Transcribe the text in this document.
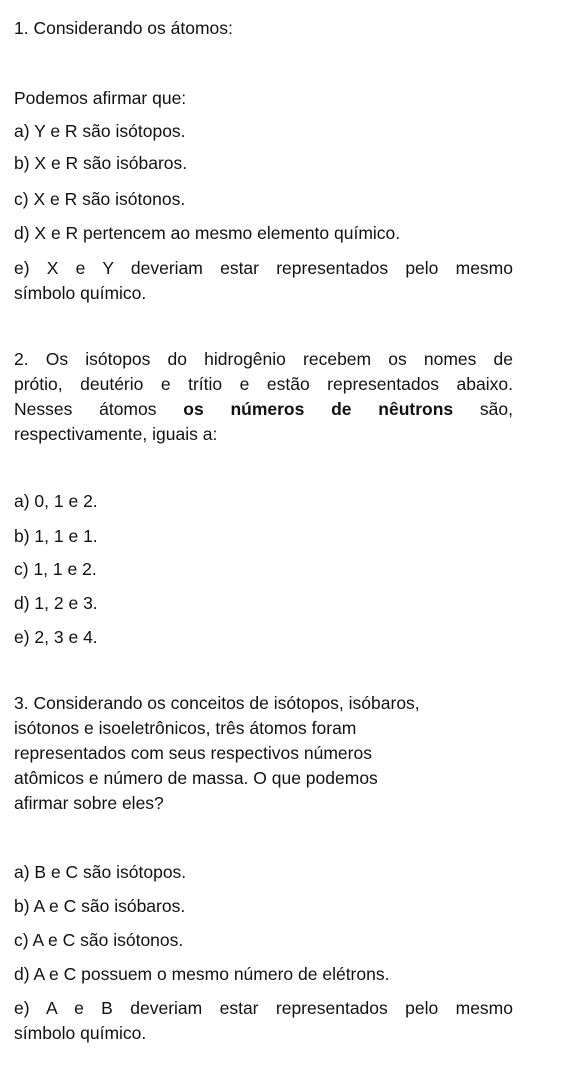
1. Considerando os átomos:
Podemos afirmar que:
a) Y e R são isótopos.
b) X e R são isóbaros.
c) X e R são isótonos.
d) X e R pertencem ao mesmo elemento químico.
e) X e Y deveriam estar representados pelo mesmo
símbolo químico.
2. Os isótopos do hidrogênio recebem os nomes de
prótio, deutério e trítio e estão representados abaixo.
Nesses átomos os números de nêutrons são,
respectivamente, iguais a:
a) 0, 1 e 2.
b) 1, 1 e 1.
c) 1, 1 e 2.
d) 1, 2 e 3.
e) 2, 3 e 4.
3. Considerando os conceitos de isótopos, isóbaros,
isótonos e isoeletrônicos, três átomos foram
representados com seus respectivos números
atômicos e número de massa. O que podemos
afirmar sobre eles?
a) B e C são isótopos.
b) A e C são isóbaros.
c) A e C são isótonos.
d) A e C possuem o mesmo número de elétrons.
e) A e B deveriam estar representados pelo mesmo
símbolo químico.
